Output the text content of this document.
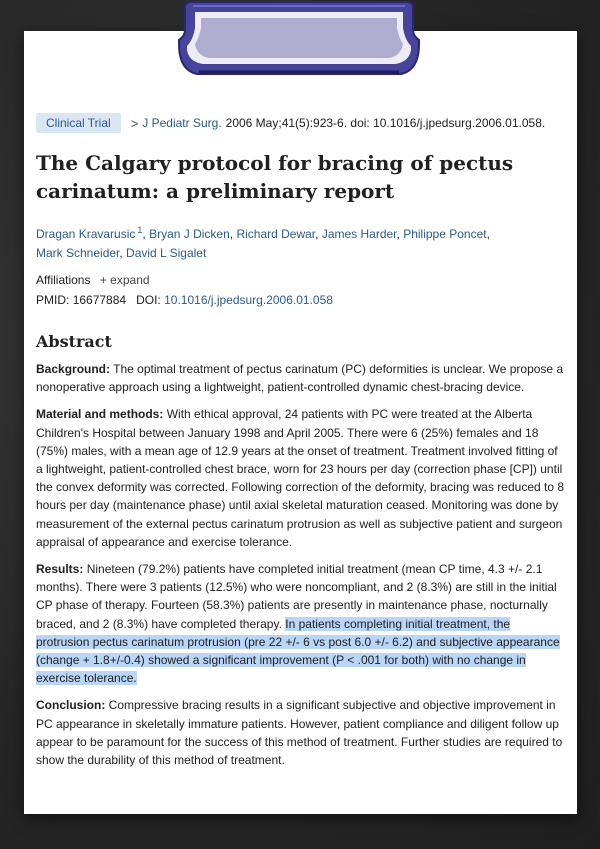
Clinical Trial	> J Pediatr Surg. 2006 May;41(5):923-6. doi: 10.1016/j.jpedsurg.2006.01.058.
The Calgary protocol for bracing of pectus carinatum: a preliminary report
Dragan Kravarusic $^1$, Bryan J Dicken, Richard Dewar, James Harder, Philippe Poncet,
Mark Schneider, David L Sigalet
Affiliations + expand
PMID: 16677884 DOI: 10.1016/j.jpedsurg.2006.01.058
Abstract

Background: The optimal treatment of pectus carinatum (PC) deformities is unclear. We propose a nonoperative approach using a lightweight, patient-controlled dynamic chest-bracing device.

Material and methods: With ethical approval, 24 patients with PC were treated at the Alberta Children's Hospital between January 1998 and April 2005. There were 6 (25%) females and 18 (75%) males, with a mean age of 12.9 years at the onset of treatment. Treatment involved fitting of a lightweight, patient-controlled chest brace, worn for 23 hours per day (correction phase [CP]) until the convex deformity was corrected. Following correction of the deformity, bracing was reduced to 8 hours per day (maintenance phase) until axial skeletal maturation ceased. Monitoring was done by measurement of the external pectus carinatum protrusion as well as subjective patient and surgeon appraisal of appearance and exercise tolerance.

Results: Nineteen (79.2%) patients have completed initial treatment (mean CP time, 4.3 +/- 2.1 months). There were 3 patients (12.5%) who were noncompliant, and 2 (8.3%) are still in the initial CP phase of therapy. Fourteen (58.3%) patients are presently in maintenance phase, nocturnally braced, and 2 (8.3%) have completed therapy. In patients completing initial treatment, the protrusion pectus carinatum protrusion (pre 22 +/- 6 vs post 6.0 +/- 6.2) and subjective appearance (change + 1.8+/-0.4) showed a significant improvement (P < .001 for both) with no change in exercise tolerance.

Conclusion: Compressive bracing results in a significant subjective and objective improvement in PC appearance in skeletally immature patients. However, patient compliance and diligent follow up appear to be paramount for the success of this method of treatment. Further studies are required to show the durability of this method of treatment.
